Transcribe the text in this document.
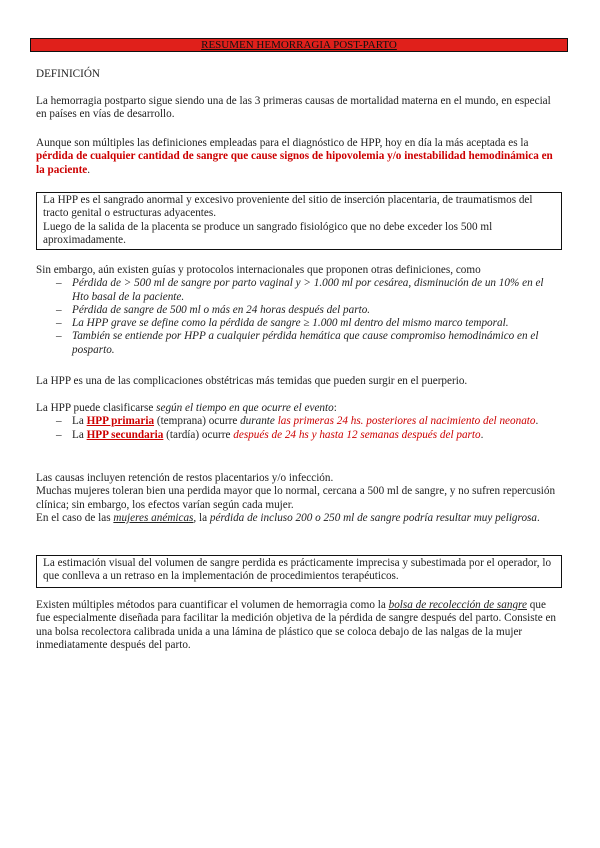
RESUMEN HEMORRAGIA POST-PARTO
DEFINICIÓN
La hemorragia postparto sigue siendo una de las 3 primeras causas de mortalidad materna en el mundo, en especial en países en vías de desarrollo.
Aunque son múltiples las definiciones empleadas para el diagnóstico de HPP, hoy en día la más aceptada es la pérdida de cualquier cantidad de sangre que cause signos de hipovolemia y/o inestabilidad hemodinámica en la paciente.
La HPP es el sangrado anormal y excesivo proveniente del sitio de inserción placentaria, de traumatismos del tracto genital o estructuras adyacentes.
Luego de la salida de la placenta se produce un sangrado fisiológico que no debe exceder los 500 ml aproximadamente.
Sin embargo, aún existen guías y protocolos internacionales que proponen otras definiciones, como
– Pérdida de > 500 ml de sangre por parto vaginal y > 1.000 ml por cesárea, disminución de un 10% en el Hto basal de la paciente.
– Pérdida de sangre de 500 ml o más en 24 horas después del parto.
– La HPP grave se define como la pérdida de sangre ≥ 1.000 ml dentro del mismo marco temporal.
– También se entiende por HPP a cualquier pérdida hemática que cause compromiso hemodinámico en el posparto.
La HPP es una de las complicaciones obstétricas más temidas que pueden surgir en el puerperio.
La HPP puede clasificarse según el tiempo en que ocurre el evento:
– La HPP primaria (temprana) ocurre durante las primeras 24 hs. posteriores al nacimiento del neonato.
– La HPP secundaria (tardía) ocurre después de 24 hs y hasta 12 semanas después del parto.
Las causas incluyen retención de restos placentarios y/o infección.
Muchas mujeres toleran bien una perdida mayor que lo normal, cercana a 500 ml de sangre, y no sufren repercusión clínica; sin embargo, los efectos varían según cada mujer.
En el caso de las mujeres anémicas, la pérdida de incluso 200 o 250 ml de sangre podría resultar muy peligrosa.
La estimación visual del volumen de sangre perdida es prácticamente imprecisa y subestimada por el operador, lo que conlleva a un retraso en la implementación de procedimientos terapéuticos.
Existen múltiples métodos para cuantificar el volumen de hemorragia como la bolsa de recolección de sangre que fue especialmente diseñada para facilitar la medición objetiva de la pérdida de sangre después del parto. Consiste en una bolsa recolectora calibrada unida a una lámina de plástico que se coloca debajo de las nalgas de la mujer inmediatamente después del parto.
